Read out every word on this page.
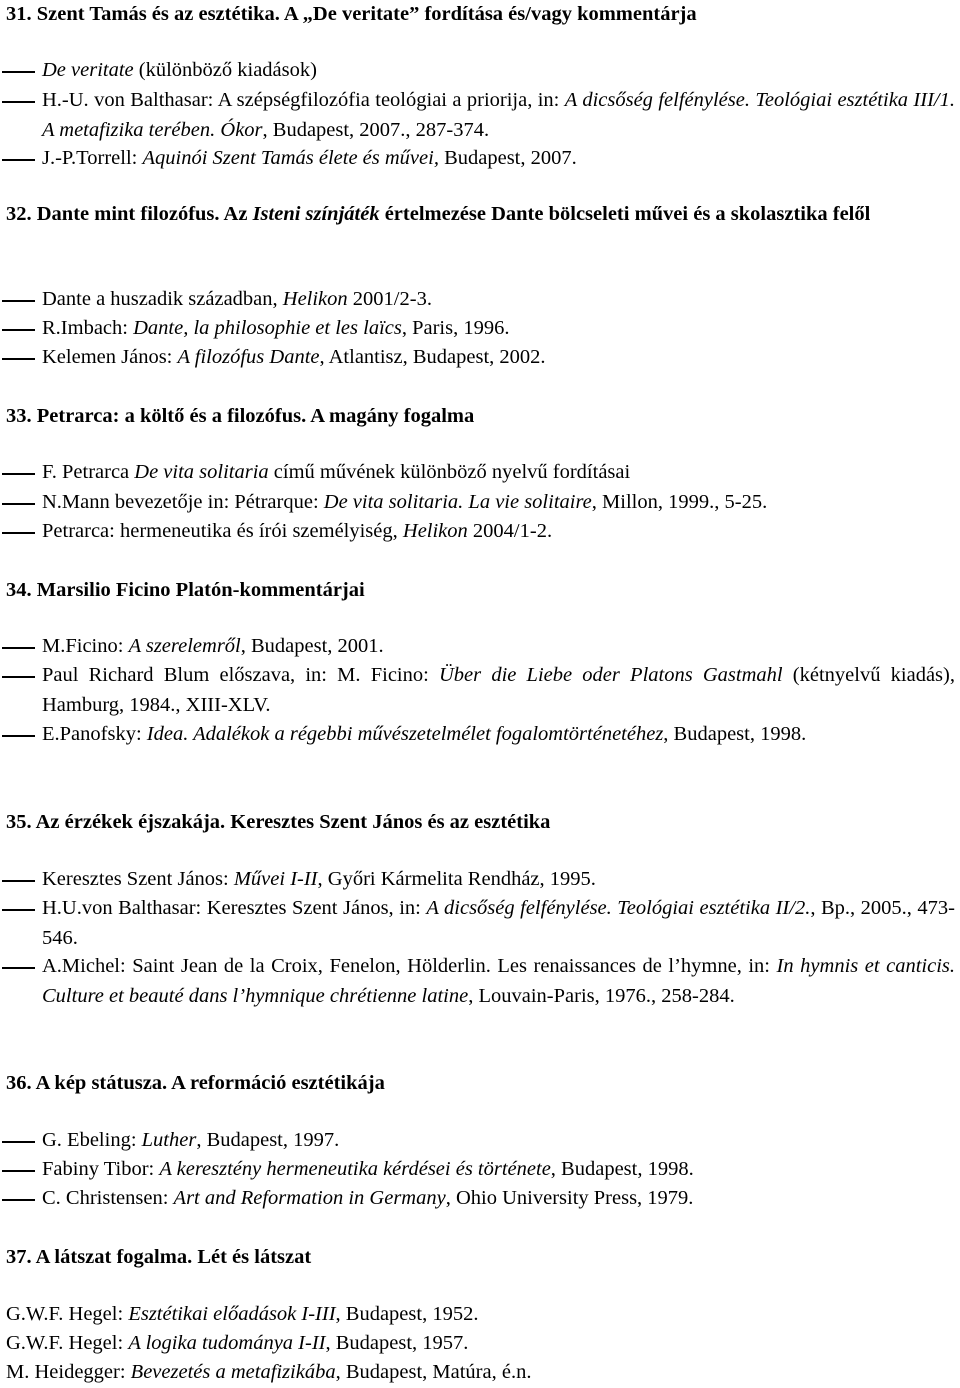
31. Szent Tamás és az esztétika. A „De veritate” fordítása és/vagy kommentárja
De veritate (különböző kiadások)
H.-U. von Balthasar: A szépségfilozófia teológiai a priorija, in: A dicsőség felfénylése. Teológiai esztétika III/1. A metafizika terében. Ókor, Budapest, 2007., 287-374.
J.-P.Torrell: Aquinói Szent Tamás élete és művei, Budapest, 2007.
32. Dante mint filozófus. Az Isteni színjáték értelmezése Dante bölcseleti művei és a skolasztika felől
Dante a huszadik században, Helikon 2001/2-3.
R.Imbach: Dante, la philosophie et les laïcs, Paris, 1996.
Kelemen János: A filozófus Dante, Atlantisz, Budapest, 2002.
33. Petrarca: a költő és a filozófus. A magány fogalma
F. Petrarca De vita solitaria című művének különböző nyelvű fordításai
N.Mann bevezetője in: Pétrarque: De vita solitaria. La vie solitaire, Millon, 1999., 5-25.
Petrarca: hermeneutika és írói személyiség, Helikon 2004/1-2.
34. Marsilio Ficino Platón-kommentárjai
M.Ficino: A szerelemről, Budapest, 2001.
Paul Richard Blum előszava, in: M. Ficino: Über die Liebe oder Platons Gastmahl (kétnyelvű kiadás), Hamburg, 1984., XIII-XLV.
E.Panofsky: Idea. Adalékok a régebbi művészetelmélet fogalomtörténetéhez, Budapest, 1998.
35. Az érzékek éjszakája. Keresztes Szent János és az esztétika
Keresztes Szent János: Művei I-II, Győri Kármelita Rendház, 1995.
H.U.von Balthasar: Keresztes Szent János, in: A dicsőség felfénylése. Teológiai esztétika II/2., Bp., 2005., 473-546.
A.Michel: Saint Jean de la Croix, Fenelon, Hölderlin. Les renaissances de l’hymne, in: In hymnis et canticis. Culture et beauté dans l’hymnique chrétienne latine, Louvain-Paris, 1976., 258-284.
36. A kép státusza. A reformáció esztétikája
G. Ebeling: Luther, Budapest, 1997.
Fabiny Tibor: A keresztény hermeneutika kérdései és története, Budapest, 1998.
C. Christensen: Art and Reformation in Germany, Ohio University Press, 1979.
37. A látszat fogalma. Lét és látszat
G.W.F. Hegel: Esztétikai előadások I-III, Budapest, 1952.
G.W.F. Hegel: A logika tudománya I-II, Budapest, 1957.
M. Heidegger: Bevezetés a metafizikába, Budapest, Matúra, é.n.
